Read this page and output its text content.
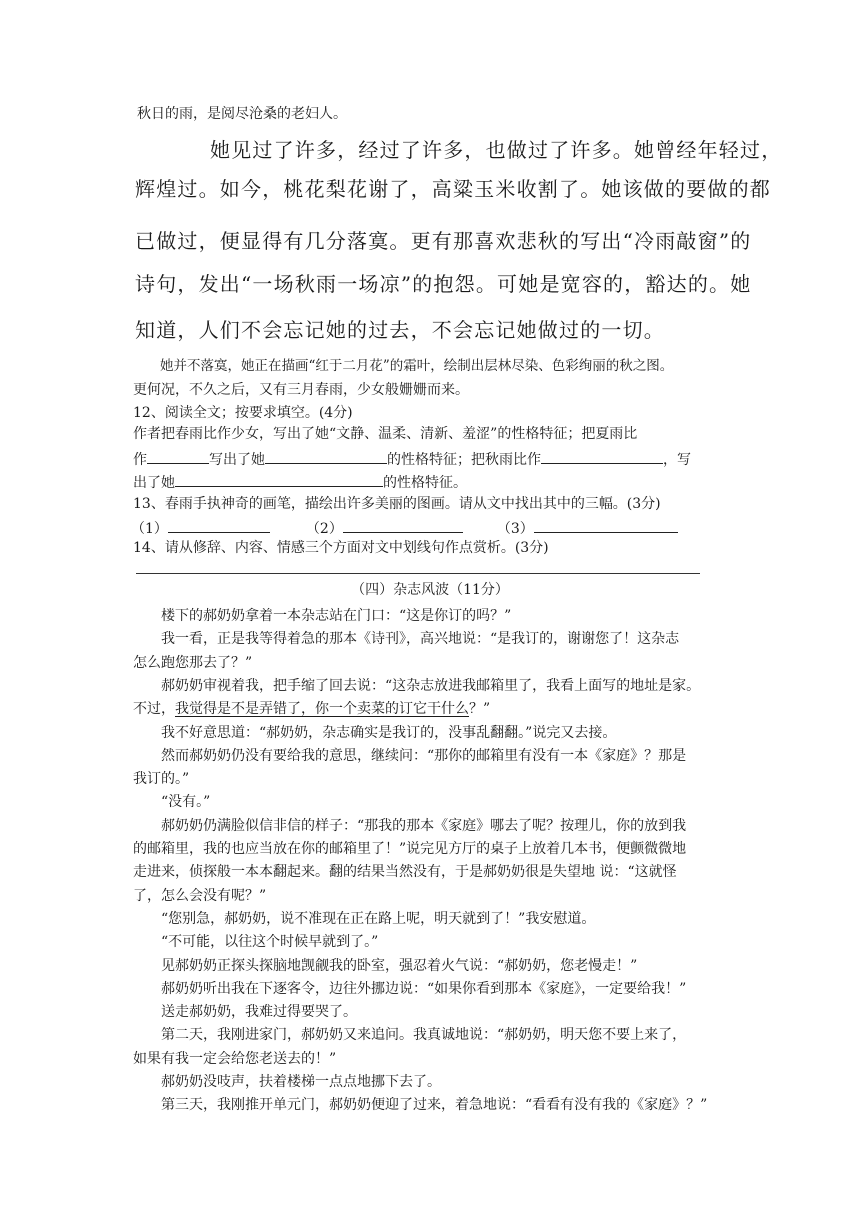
秋日的雨，是阅尽沧桑的老妇人。
她见过了许多，经过了许多，也做过了许多。她曾经年轻过，
辉煌过。如今，桃花梨花谢了，高粱玉米收割了。她该做的要做的都
已做过，便显得有几分落寞。更有那喜欢悲秋的写出“冷雨敲窗”的
诗句，发出“一场秋雨一场凉”的抱怨。可她是宽容的，豁达的。她
知道，人们不会忘记她的过去，不会忘记她做过的一切。
她并不落寞，她正在描画“红于二月花”的霜叶，绘制出层林尽染、色彩绚丽的秋之图。
更何况，不久之后，又有三月春雨，少女般姗姗而来。
12、阅读全文；按要求填空。(4分)
作者把春雨比作少女，写出了她“文静、温柔、清新、羞涩”的性格特征；把夏雨比
作	写出了她	的性格特征；把秋雨比作	，写
出了她	的性格特征。
13、春雨手执神奇的画笔，描绘出许多美丽的图画。请从文中找出其中的三幅。(3分)
（1）	（2）	（3）
14、请从修辞、内容、情感三个方面对文中划线句作点赏析。(3分)
（四）杂志风波（11分）
楼下的郝奶奶拿着一本杂志站在门口：“这是你订的吗？”
我一看，正是我等得着急的那本《诗刊》，高兴地说：“是我订的，谢谢您了！这杂志
怎么跑您那去了？”
郝奶奶审视着我，把手缩了回去说：“这杂志放进我邮箱里了，我看上面写的地址是家。
不过，我觉得是不是弄错了，你一个卖菜的订它干什么？”
我不好意思道：“郝奶奶，杂志确实是我订的，没事乱翻翻。”说完又去接。
然而郝奶奶仍没有要给我的意思，继续问：“那你的邮箱里有没有一本《家庭》？那是
我订的。”
“没有。”
郝奶奶仍满脸似信非信的样子：“那我的那本《家庭》哪去了呢？按理儿，你的放到我
的邮箱里，我的也应当放在你的邮箱里了！”说完见方厅的桌子上放着几本书，便颤微微地
走进来，侦探般一本本翻起来。翻的结果当然没有，于是郝奶奶很是失望地 说：“这就怪
了，怎么会没有呢？”
“您别急，郝奶奶，说不准现在正在路上呢，明天就到了！”我安慰道。
“不可能，以往这个时候早就到了。”
见郝奶奶正探头探脑地觊觎我的卧室，强忍着火气说：“郝奶奶，您老慢走！”
郝奶奶听出我在下逐客令，边往外挪边说：“如果你看到那本《家庭》，一定要给我！”
送走郝奶奶，我难过得要哭了。
第二天，我刚进家门，郝奶奶又来追问。我真诚地说：“郝奶奶，明天您不要上来了，
如果有我一定会给您老送去的！”
郝奶奶没吱声，扶着楼梯一点点地挪下去了。
第三天，我刚推开单元门，郝奶奶便迎了过来，着急地说：“看看有没有我的《家庭》？”
